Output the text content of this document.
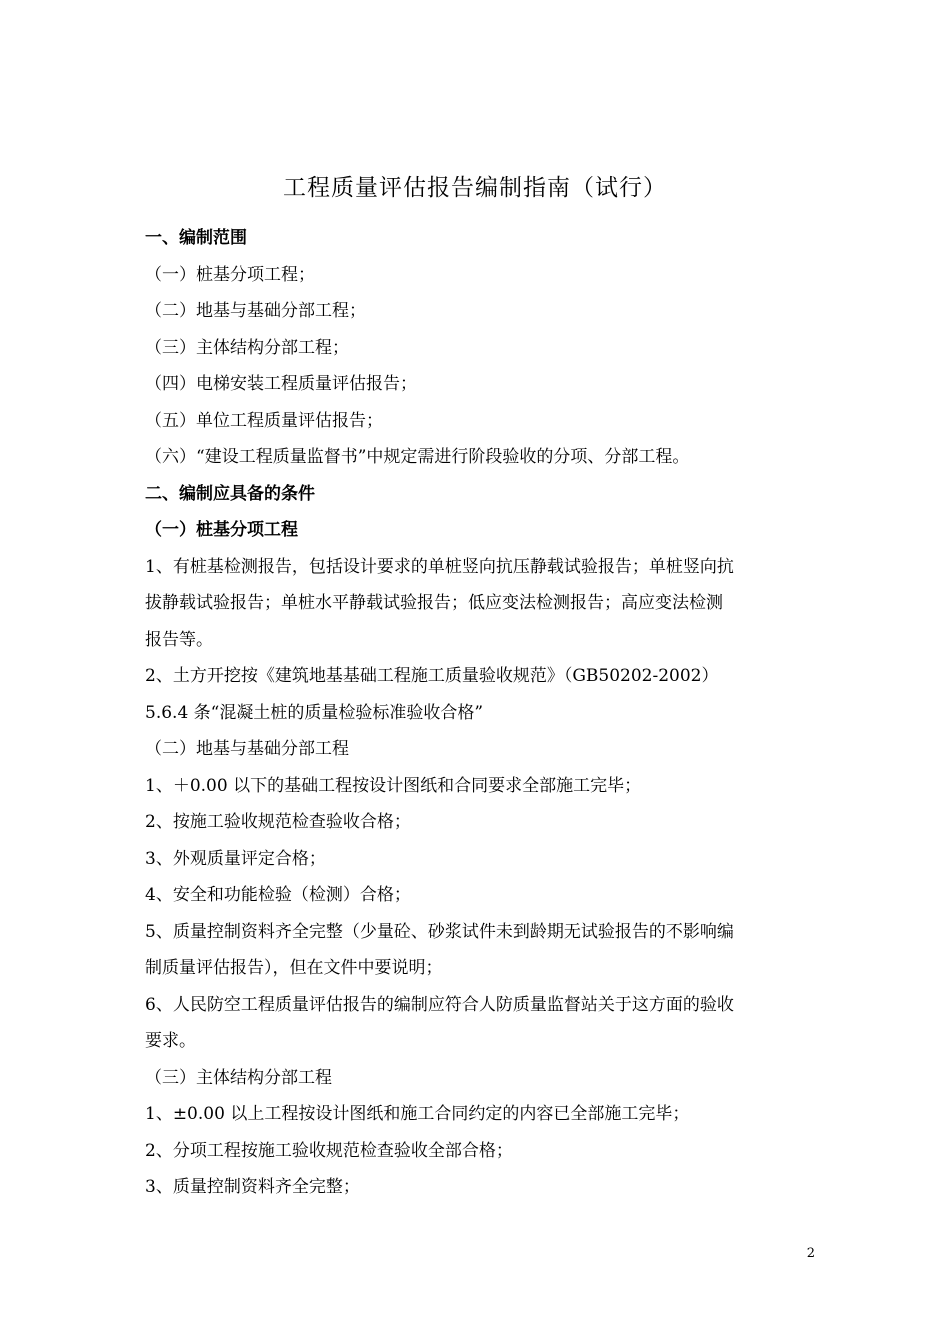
工程质量评估报告编制指南（试行）
一、编制范围
（一）桩基分项工程；
（二）地基与基础分部工程；
（三）主体结构分部工程；
（四）电梯安装工程质量评估报告；
（五）单位工程质量评估报告；
（六）“建设工程质量监督书”中规定需进行阶段验收的分项、分部工程。
二、编制应具备的条件
（一）桩基分项工程
1、有桩基检测报告，包括设计要求的单桩竖向抗压静载试验报告；单桩竖向抗
拔静载试验报告；单桩水平静载试验报告；低应变法检测报告；高应变法检测
报告等。
2、土方开挖按《建筑地基基础工程施工质量验收规范》（GB50202-2002）
5.6.4 条“混凝土桩的质量检验标准验收合格”
（二）地基与基础分部工程
1、＋0.00 以下的基础工程按设计图纸和合同要求全部施工完毕；
2、按施工验收规范检查验收合格；
3、外观质量评定合格；
4、安全和功能检验（检测）合格；
5、质量控制资料齐全完整（少量砼、砂浆试件未到龄期无试验报告的不影响编
制质量评估报告），但在文件中要说明；
6、人民防空工程质量评估报告的编制应符合人防质量监督站关于这方面的验收
要求。
（三）主体结构分部工程
1、±0.00 以上工程按设计图纸和施工合同约定的内容已全部施工完毕；
2、分项工程按施工验收规范检查验收全部合格；
3、质量控制资料齐全完整；
2
